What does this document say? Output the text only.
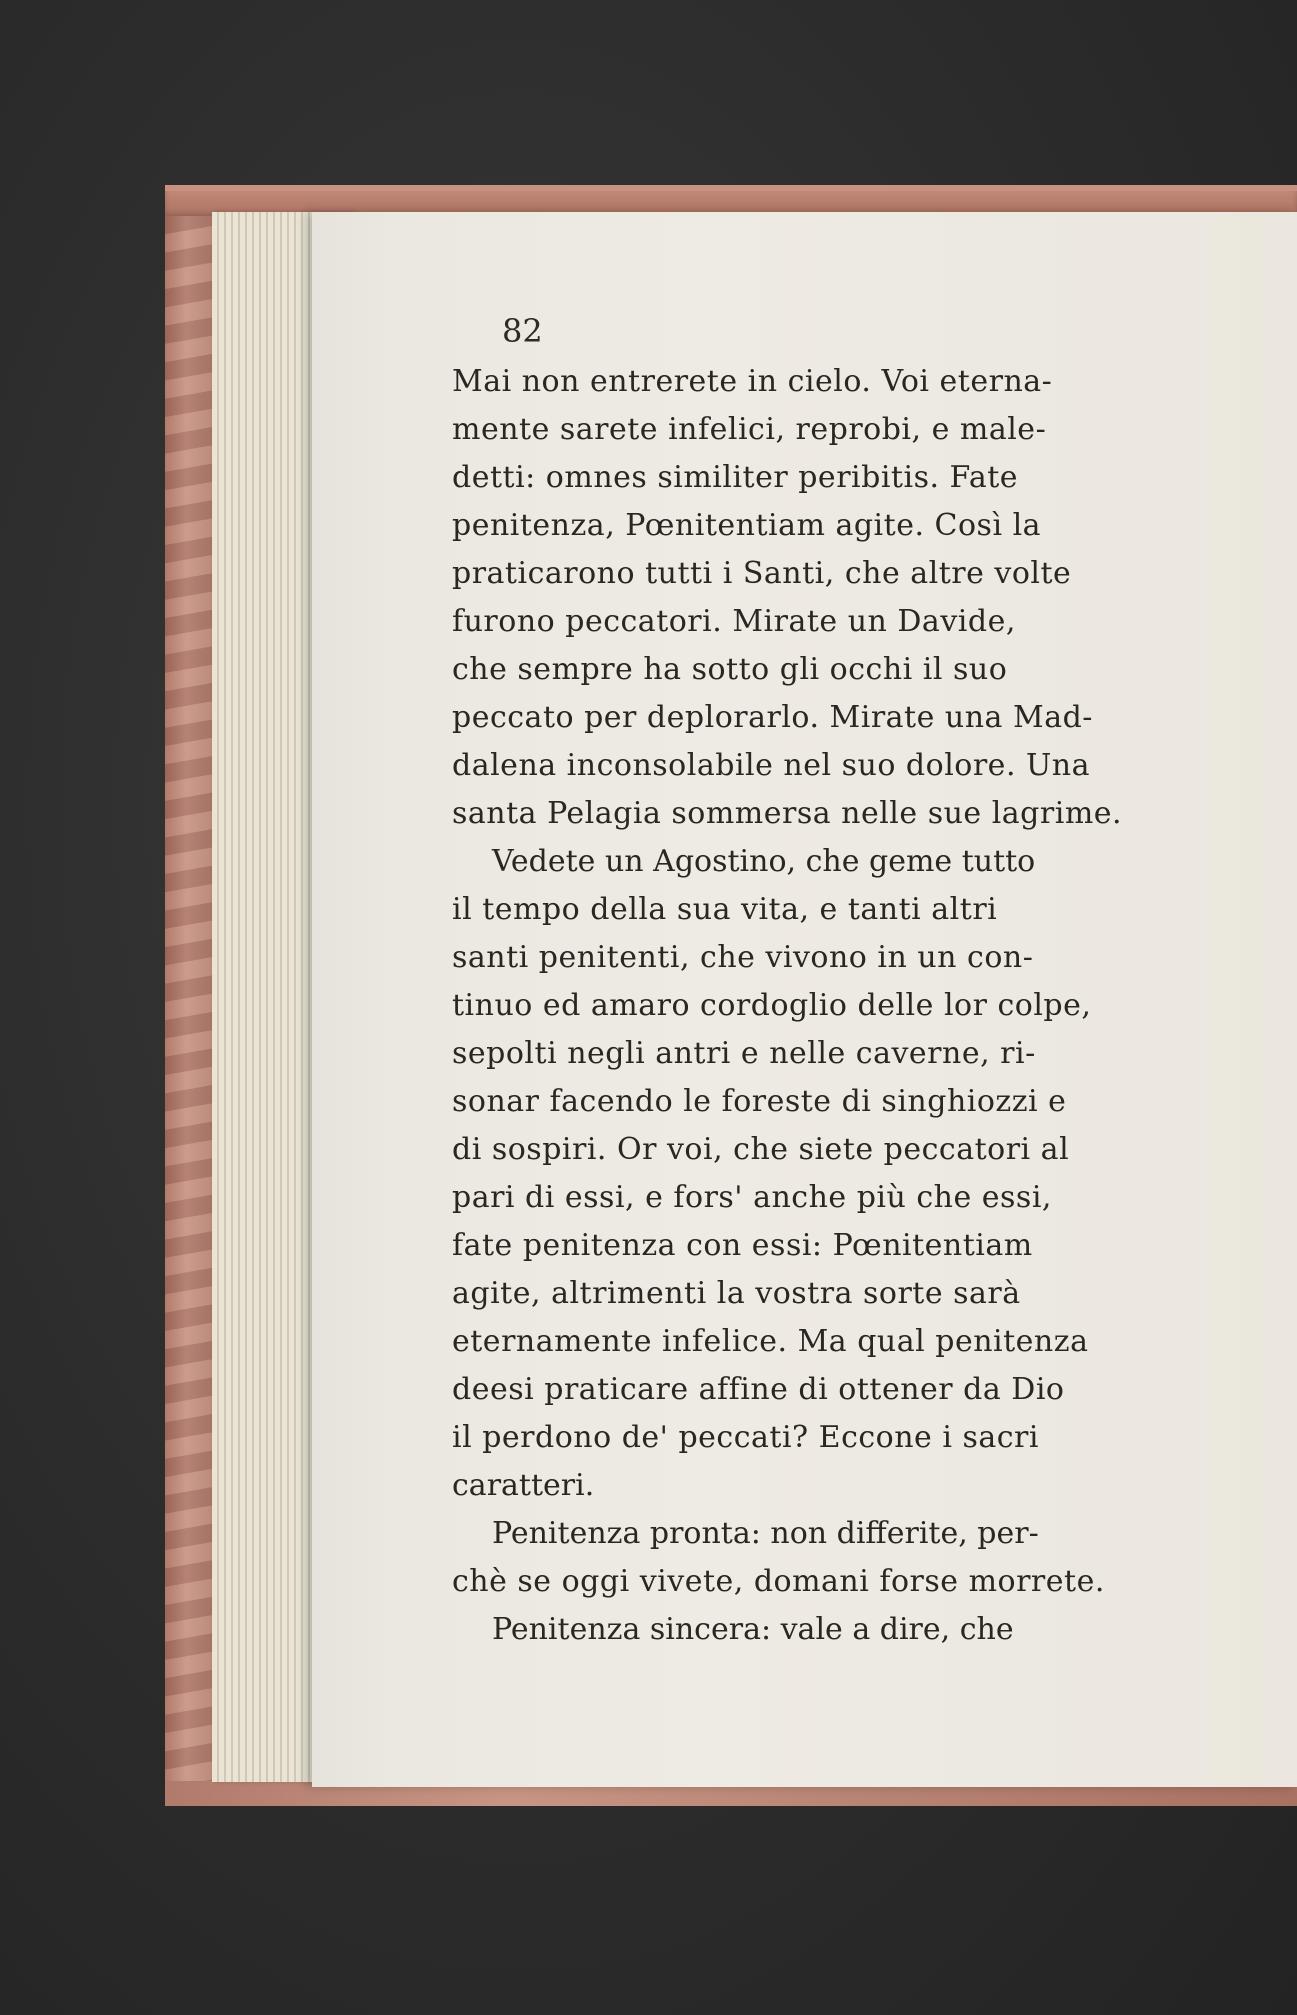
82
Mai non entrerete in cielo. Voi eterna-
mente sarete infelici, reprobi, e male-
detti: omnes similiter peribitis. Fate
penitenza, Pœnitentiam agite. Così la
praticarono tutti i Santi, che altre volte
furono peccatori. Mirate un Davide,
che sempre ha sotto gli occhi il suo
peccato per deplorarlo. Mirate una Mad-
dalena inconsolabile nel suo dolore. Una
santa Pelagia sommersa nelle sue lagrime.
Vedete un Agostino, che geme tutto
il tempo della sua vita, e tanti altri
santi penitenti, che vivono in un con-
tinuo ed amaro cordoglio delle lor colpe,
sepolti negli antri e nelle caverne, ri-
sonar facendo le foreste di singhiozzi e
di sospiri. Or voi, che siete peccatori al
pari di essi, e fors' anche più che essi,
fate penitenza con essi: Pœnitentiam
agite, altrimenti la vostra sorte sarà
eternamente infelice. Ma qual penitenza
deesi praticare affine di ottener da Dio
il perdono de' peccati? Eccone i sacri
caratteri.
Penitenza pronta: non differite, per-
chè se oggi vivete, domani forse morrete.
Penitenza sincera: vale a dire, che
